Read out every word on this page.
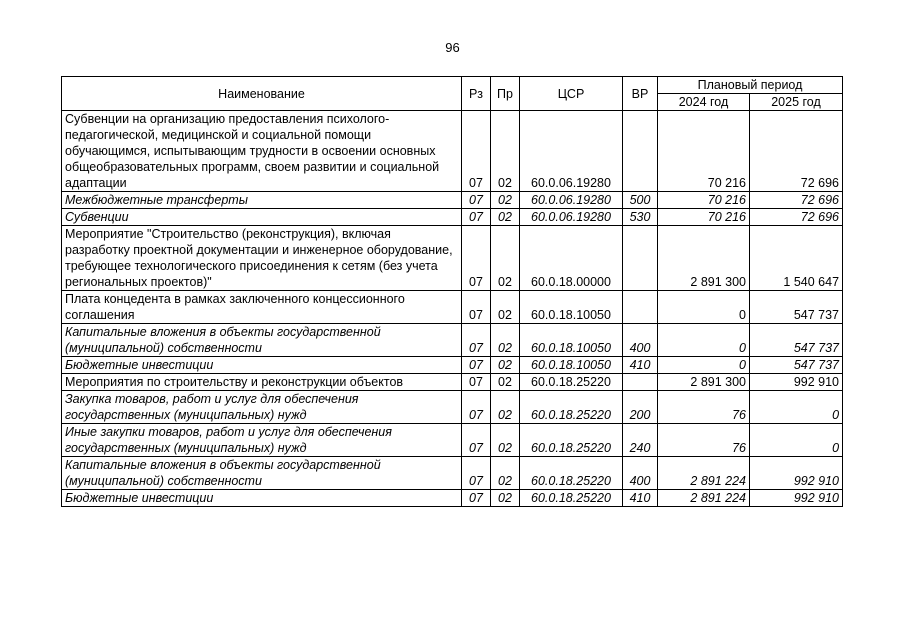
96
Наименование	Рз	Пр	ЦСР	ВР	Плановый период	
					2024 год	2025 год
Субвенции на организацию предоставления психолого-педагогической, медицинской и социальной помощи обучающимся, испытывающим трудности в освоении основных общеобразовательных программ, своем развитии и социальной адаптации	07	02	60.0.06.19280		70 216	72 696
Межбюджетные трансферты	07	02	60.0.06.19280	500	70 216	72 696
Субвенции	07	02	60.0.06.19280	530	70 216	72 696
Мероприятие "Строительство (реконструкция), включая разработку проектной документации и инженерное оборудование, требующее технологического присоединения к сетям (без учета региональных проектов)"	07	02	60.0.18.00000		2 891 300	1 540 647
Плата концедента в рамках заключенного концессионного соглашения	07	02	60.0.18.10050		0	547 737
Капитальные вложения в объекты государственной (муниципальной) собственности	07	02	60.0.18.10050	400	0	547 737
Бюджетные инвестиции	07	02	60.0.18.10050	410	0	547 737
Мероприятия по строительству и реконструкции объектов	07	02	60.0.18.25220		2 891 300	992 910
Закупка товаров, работ и услуг для обеспечения государственных (муниципальных) нужд	07	02	60.0.18.25220	200	76	0
Иные закупки товаров, работ и услуг для обеспечения государственных (муниципальных) нужд	07	02	60.0.18.25220	240	76	0
Капитальные вложения в объекты государственной (муниципальной) собственности	07	02	60.0.18.25220	400	2 891 224	992 910
Бюджетные инвестиции	07	02	60.0.18.25220	410	2 891 224	992 910
